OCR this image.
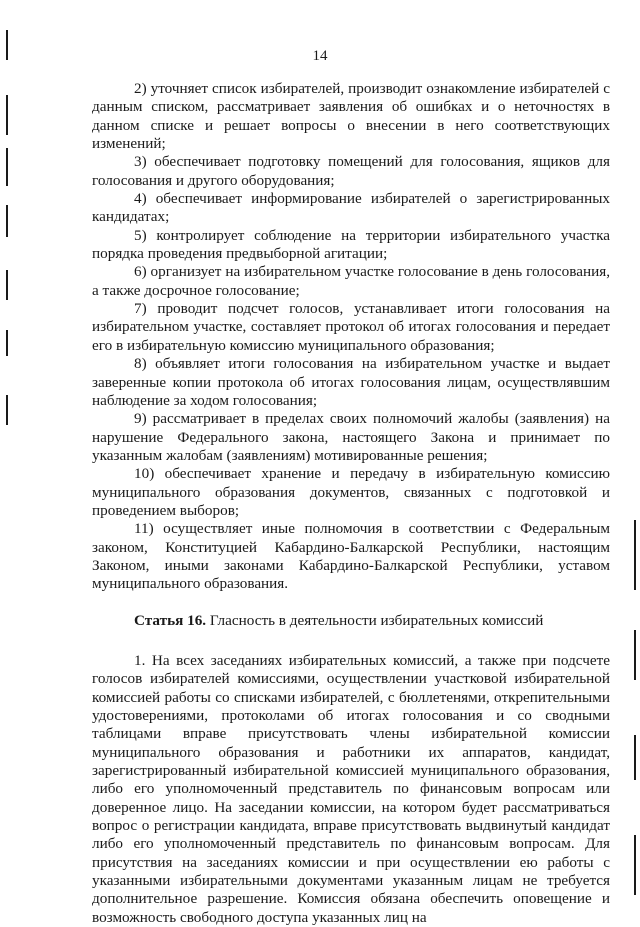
14

2) уточняет список избирателей, производит ознакомление избирателей с данным списком, рассматривает заявления об ошибках и о неточностях в данном списке и решает вопросы о внесении в него соответствующих изменений;

3) обеспечивает подготовку помещений для голосования, ящиков для голосования и другого оборудования;

4) обеспечивает информирование избирателей о зарегистрированных кандидатах;

5) контролирует соблюдение на территории избирательного участка порядка проведения предвыборной агитации;

6) организует на избирательном участке голосование в день голосования, а также досрочное голосование;

7) проводит подсчет голосов, устанавливает итоги голосования на избирательном участке, составляет протокол об итогах голосования и передает его в избирательную комиссию муниципального образования;

8) объявляет итоги голосования на избирательном участке и выдает заверенные копии протокола об итогах голосования лицам, осуществлявшим наблюдение за ходом голосования;

9) рассматривает в пределах своих полномочий жалобы (заявления) на нарушение Федерального закона, настоящего Закона и принимает по указанным жалобам (заявлениям) мотивированные решения;

10) обеспечивает хранение и передачу в избирательную комиссию муниципального образования документов, связанных с подготовкой и проведением выборов;

11) осуществляет иные полномочия в соответствии с Федеральным законом, Конституцией Кабардино-Балкарской Республики, настоящим Законом, иными законами Кабардино-Балкарской Республики, уставом муниципального образования.

Статья 16. Гласность в деятельности избирательных комиссий

1. На всех заседаниях избирательных комиссий, а также при подсчете голосов избирателей комиссиями, осуществлении участковой избирательной комиссией работы со списками избирателей, с бюллетенями, открепительными удостоверениями, протоколами об итогах голосования и со сводными таблицами вправе присутствовать члены избирательной комиссии муниципального образования и работники их аппаратов, кандидат, зарегистрированный избирательной комиссией муниципального образования, либо его уполномоченный представитель по финансовым вопросам или доверенное лицо. На заседании комиссии, на котором будет рассматриваться вопрос о регистрации кандидата, вправе присутствовать выдвинутый кандидат либо его уполномоченный представитель по финансовым вопросам. Для присутствия на заседаниях комиссии и при осуществлении ею работы с указанными избирательными документами указанным лицам не требуется дополнительное разрешение. Комиссия обязана обеспечить оповещение и возможность свободного доступа указанных лиц на
